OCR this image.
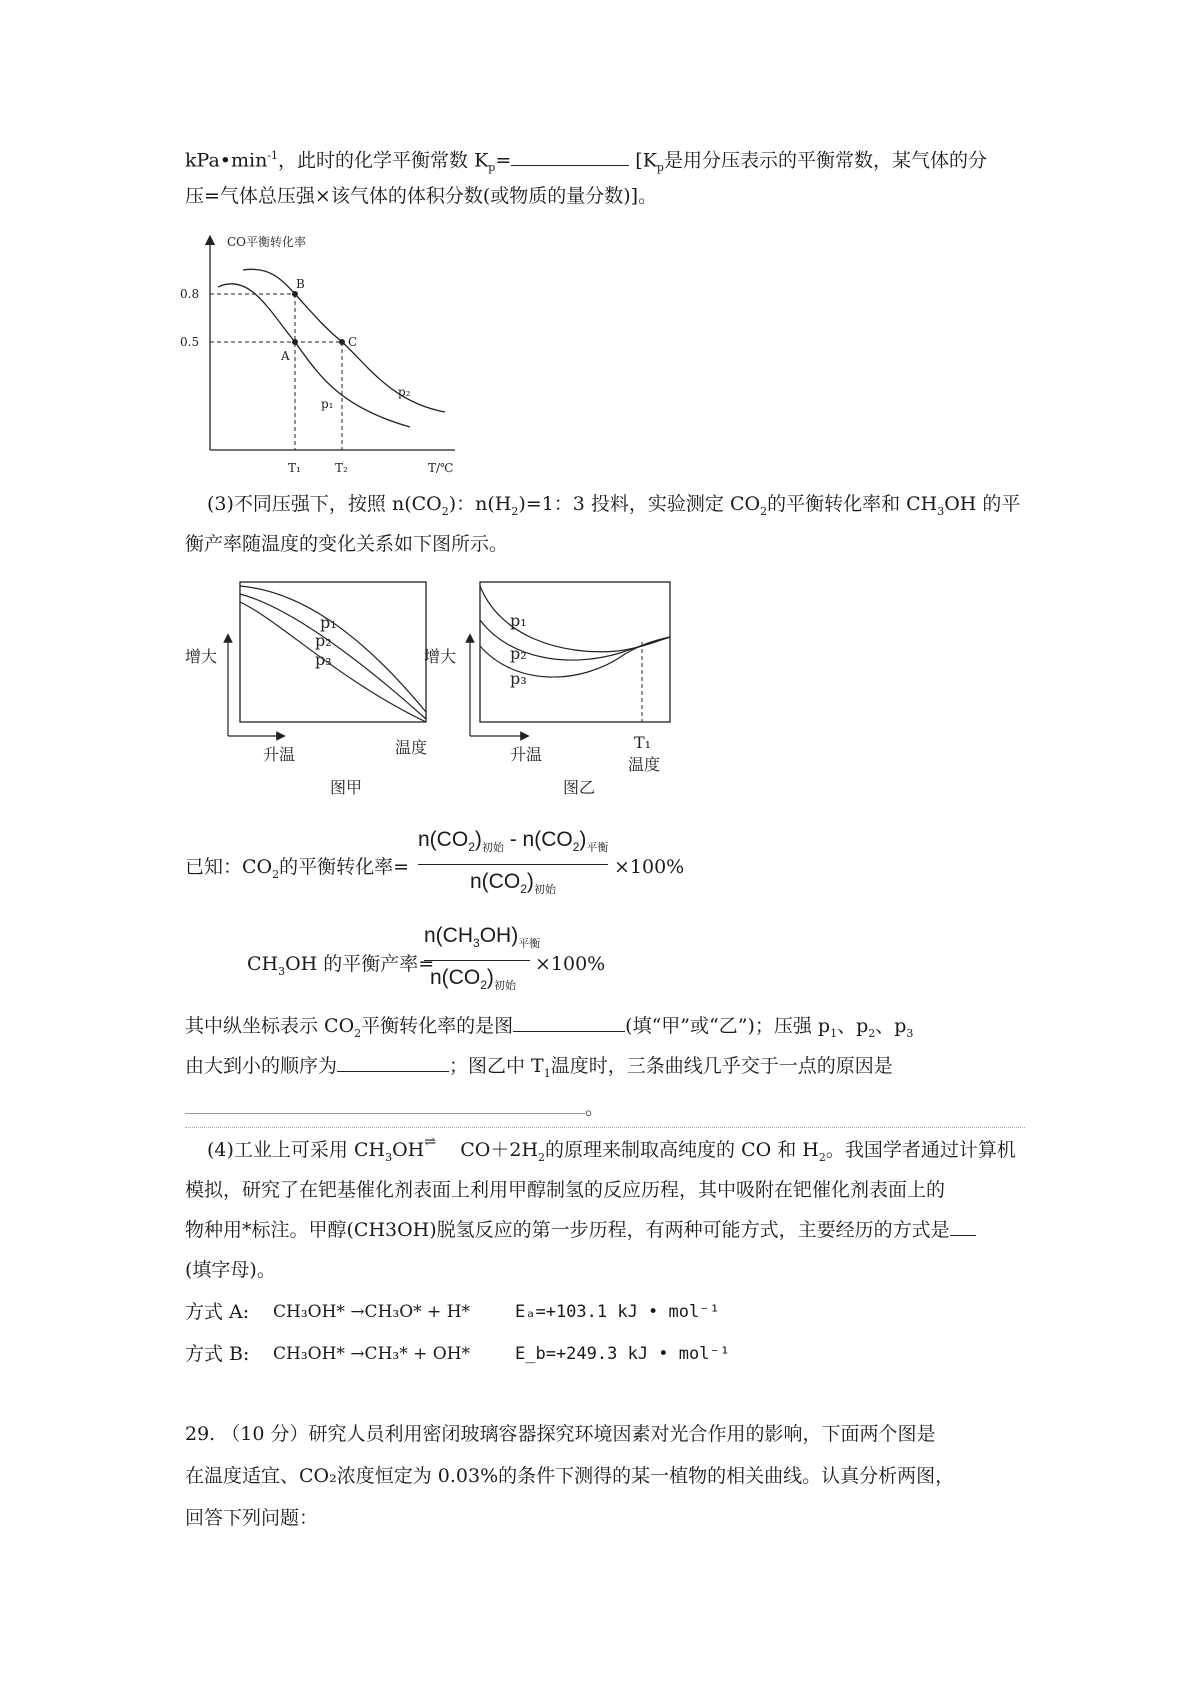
$kPa•\min^{-1}$，此时的化学平衡常数 $K_p=$	[$K_p$是用分压表示的平衡常数，某气体的分
压=气体总压强×该气体的体积分数(或物质的量分数)]。
CO平衡转化率
0.8
0.5
B
A
C
p₂
p₁
T₁	T₂	T/℃
(3)不同压强下，按照 $n(CO_2)$：$n(H_2)=1$：3 投料，实验测定 $CO_2$的平衡转化率和 $CH_3OH$ 的平
衡产率随温度的变化关系如下图所示。
p₁
p₂
p₃
增大
升温	温度
图甲
p₁
p₂
p₃
增大
升温
T₁
温度
图乙
已知：$CO_2$的平衡转化率=
$n(CO_2)_{初始} - n(CO_2)_{平衡}$
$n(CO_2)_{初始}$
×100%
$CH_3OH$ 的平衡产率=
$n(CH_3OH)_{平衡}$
$n(CO_2)_{初始}$
×100%
其中纵坐标表示 $CO_2$平衡转化率的是图	(填“甲”或“乙”)；压强 $p_1$、$p_2$、$p_3$
由大到小的顺序为	；图乙中 $T_1$温度时，三条曲线几乎交于一点的原因是
。
(4)工业上可采用 $CH_3OH\rightleftharpoons$ $CO+2H_2$的原理来制取高纯度的 CO 和 $H_2$。我国学者通过计算机
模拟，研究了在钯基催化剂表面上利用甲醇制氢的反应历程，其中吸附在钯催化剂表面上的
物种用*标注。甲醇(CH3OH)脱氢反应的第一步历程，有两种可能方式，主要经历的方式是
(填字母)。
方式 A: CH₃OH* →CH₃O* + H*	Eₐ=+103.1 kJ • mol⁻¹
方式 B: CH₃OH* →CH₃* + OH*	E_b=+249.3 kJ • mol⁻¹
29. （10 分）研究人员利用密闭玻璃容器探究环境因素对光合作用的影响，下面两个图是
在温度适宜、CO₂浓度恒定为 0.03%的条件下测得的某一植物的相关曲线。认真分析两图，
回答下列问题：
